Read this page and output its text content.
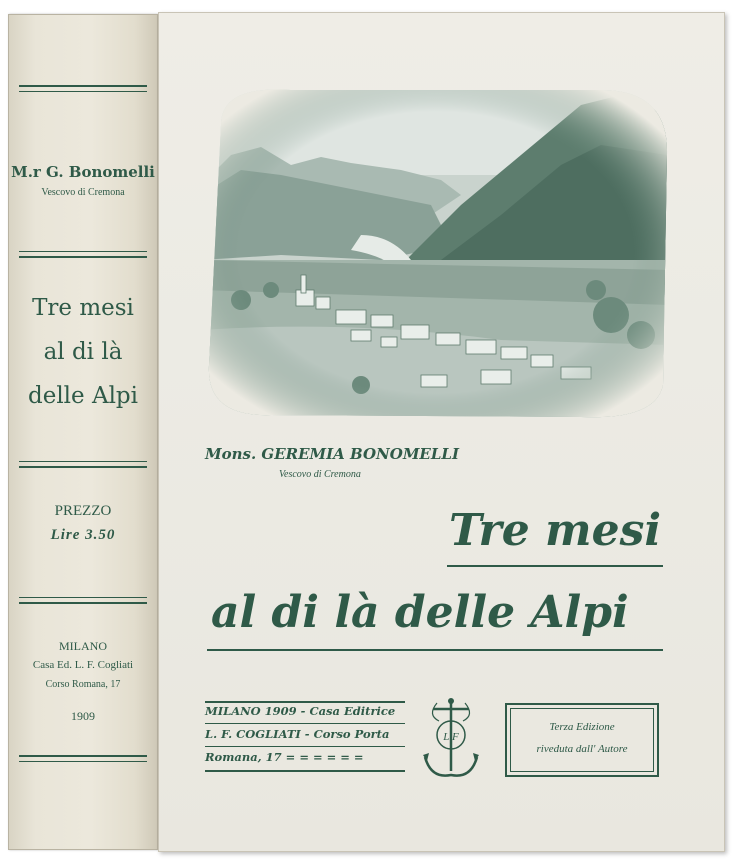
M.r G. Bonomelli
Vescovo di Cremona
Tre mesi
al di là
delle Alpi
PREZZO
Lire 3.50
MILANO
Casa Ed. L. F. Cogliati
Corso Romana, 17
1909
Mons. GEREMIA BONOMELLI
Vescovo di Cremona
Tre mesi
al di là delle Alpi
MILANO 1909 - Casa Editrice
L. F. COGLIATI - Corso Porta
Romana, 17 = = = = = =
L F
Terza Edizione
riveduta dall' Autore
